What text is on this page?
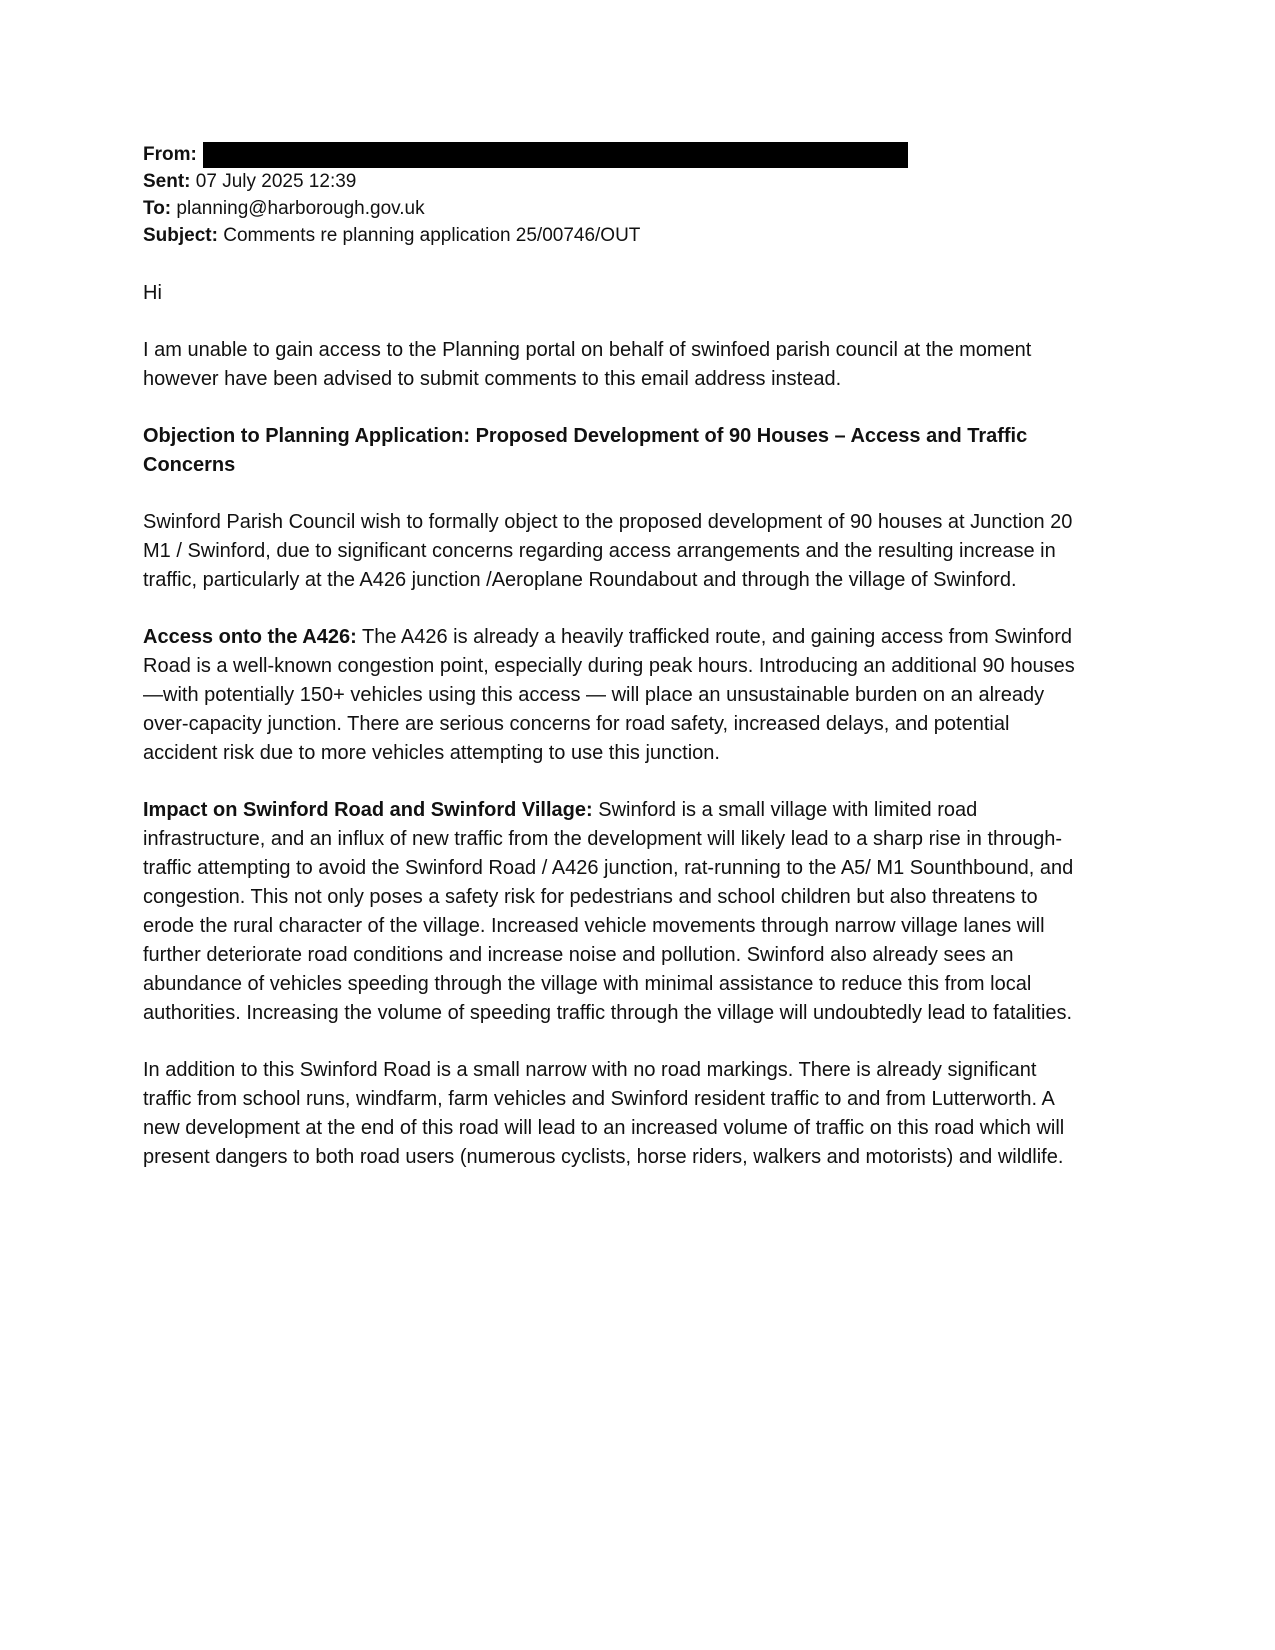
From:
Sent: 07 July 2025 12:39
To: planning@harborough.gov.uk
Subject: Comments re planning application 25/00746/OUT

Hi

I am unable to gain access to the Planning portal on behalf of swinfoed parish council at the moment however have been advised to submit comments to this email address instead.

Objection to Planning Application: Proposed Development of 90 Houses – Access and Traffic Concerns

Swinford Parish Council wish to formally object to the proposed development of 90 houses at Junction 20 M1 / Swinford, due to significant concerns regarding access arrangements and the resulting increase in traffic, particularly at the A426 junction /Aeroplane Roundabout and through the village of Swinford.

Access onto the A426: The A426 is already a heavily trafficked route, and gaining access from Swinford Road is a well-known congestion point, especially during peak hours. Introducing an additional 90 houses—with potentially 150+ vehicles using this access — will place an unsustainable burden on an already over-capacity junction. There are serious concerns for road safety, increased delays, and potential accident risk due to more vehicles attempting to use this junction.

Impact on Swinford Road and Swinford Village: Swinford is a small village with limited road infrastructure, and an influx of new traffic from the development will likely lead to a sharp rise in through-traffic attempting to avoid the Swinford Road / A426 junction, rat-running to the A5/ M1 Sounthbound, and congestion. This not only poses a safety risk for pedestrians and school children but also threatens to erode the rural character of the village. Increased vehicle movements through narrow village lanes will further deteriorate road conditions and increase noise and pollution. Swinford also already sees an abundance of vehicles speeding through the village with minimal assistance to reduce this from local authorities. Increasing the volume of speeding traffic through the village will undoubtedly lead to fatalities.

In addition to this Swinford Road is a small narrow with no road markings. There is already significant traffic from school runs, windfarm, farm vehicles and Swinford resident traffic to and from Lutterworth. A new development at the end of this road will lead to an increased volume of traffic on this road which will present dangers to both road users (numerous cyclists, horse riders, walkers and motorists) and wildlife.
